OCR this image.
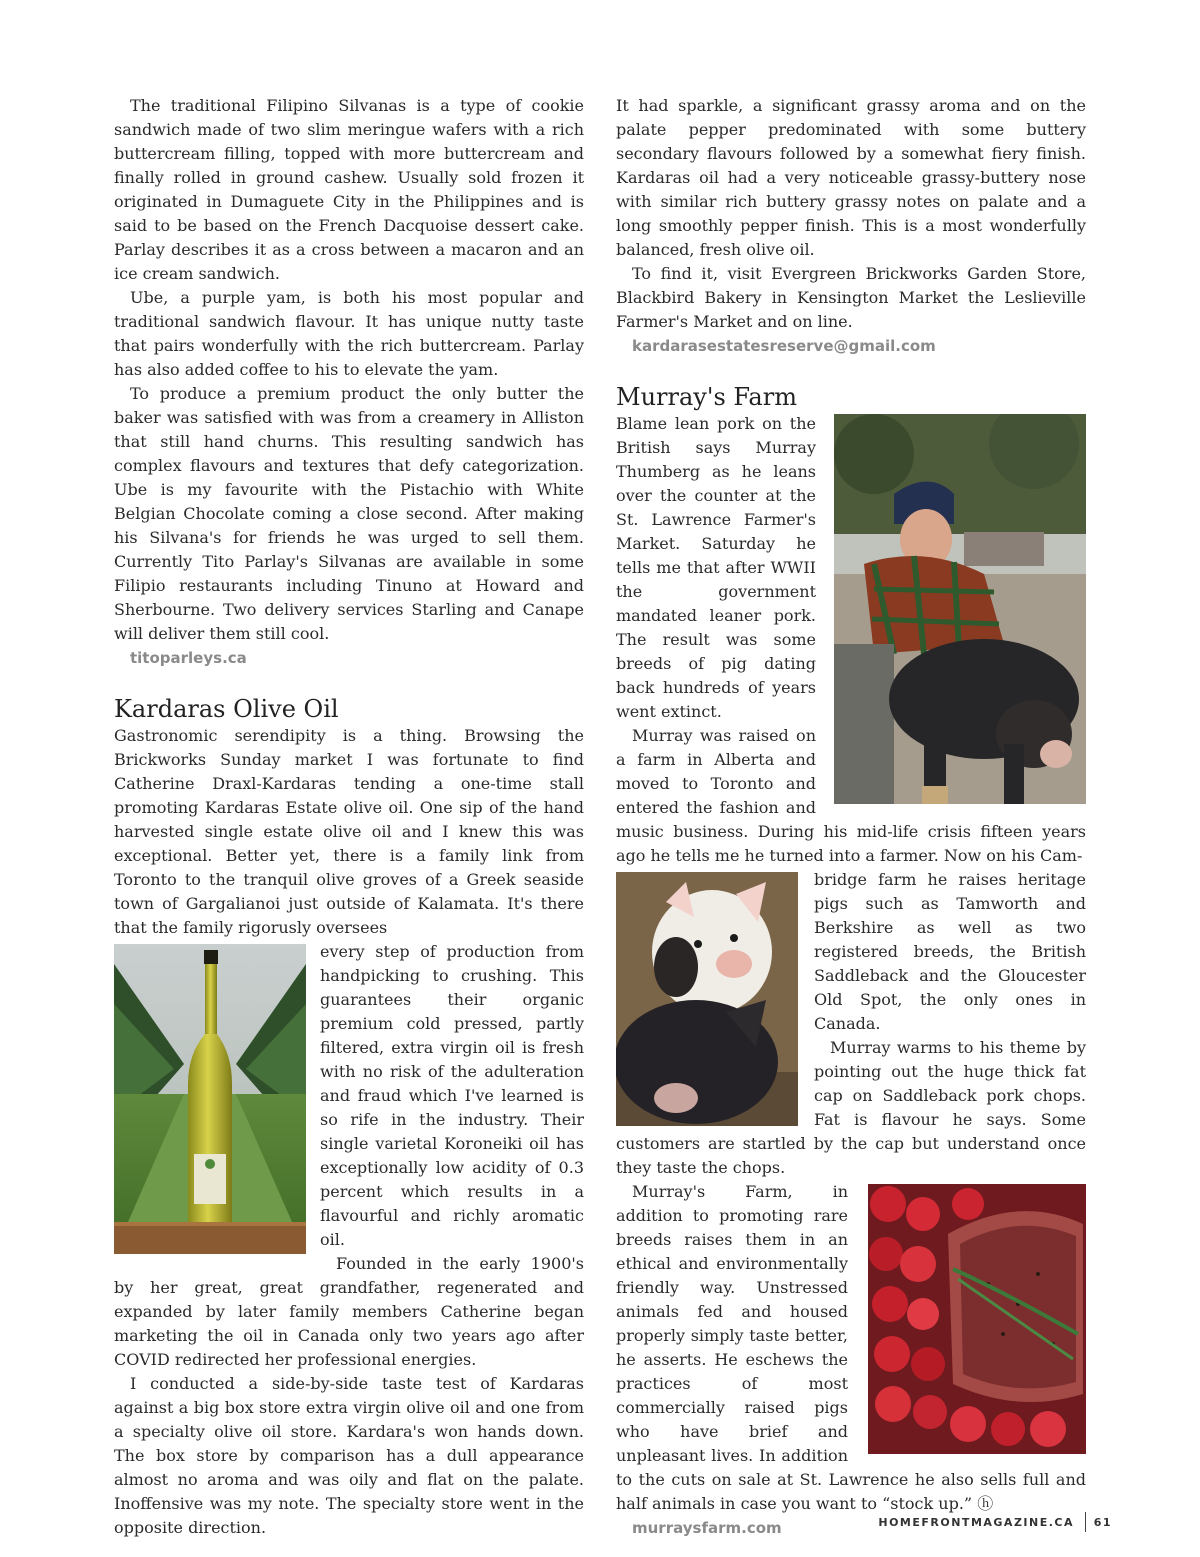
The traditional Filipino Silvanas is a type of cookie sandwich made of two slim meringue wafers with a rich buttercream filling, topped with more buttercream and finally rolled in ground cashew. Usually sold frozen it originated in Dumaguete City in the Philippines and is said to be based on the French Dacquoise dessert cake. Parlay describes it as a cross between a macaron and an ice cream sandwich.

Ube, a purple yam, is both his most popular and traditional sandwich flavour. It has unique nutty taste that pairs wonderfully with the rich buttercream. Parlay has also added coffee to his to elevate the yam.

To produce a premium product the only butter the baker was satisfied with was from a creamery in Alliston that still hand churns. This resulting sandwich has complex flavours and textures that defy categorization. Ube is my favourite with the Pistachio with White Belgian Chocolate coming a close second. After making his Silvana's for friends he was urged to sell them. Currently Tito Parlay's Silvanas are available in some Filipio restaurants including Tinuno at Howard and Sherbourne. Two delivery services Starling and Canape will deliver them still cool.

titoparleys.ca

Kardaras Olive Oil

Gastronomic serendipity is a thing. Browsing the Brickworks Sunday market I was fortunate to find Catherine Draxl-Kardaras tending a one-time stall promoting Kardaras Estate olive oil. One sip of the hand harvested single estate olive oil and I knew this was exceptional. Better yet, there is a family link from Toronto to the tranquil olive groves of a Greek seaside town of Gargalianoi just outside of Kalamata. It's there that the family rigorusly oversees

every step of production from handpicking to crushing. This guarantees their organic premium cold pressed, partly filtered, extra virgin oil is fresh with no risk of the adulteration and fraud which I've learned is so rife in the industry. Their single varietal Koroneiki oil has exceptionally low acidity of 0.3 percent which results in a flavourful and richly aromatic oil.

Founded in the early 1900's by her great, great grandfather, regenerated and expanded by later family members Catherine began marketing the oil in Canada only two years ago after COVID redirected her professional energies.

I conducted a side-by-side taste test of Kardaras against a big box store extra virgin olive oil and one from a specialty olive oil store. Kardara's won hands down. The box store by comparison has a dull appearance almost no aroma and was oily and flat on the palate. Inoffensive was my note. The specialty store went in the opposite direction.

It had sparkle, a significant grassy aroma and on the palate pepper predominated with some buttery secondary flavours followed by a somewhat fiery finish. Kardaras oil had a very noticeable grassy-buttery nose with similar rich buttery grassy notes on palate and a long smoothly pepper finish. This is a most wonderfully balanced, fresh olive oil.

To find it, visit Evergreen Brickworks Garden Store, Blackbird Bakery in Kensington Market the Leslieville Farmer's Market and on line.

kardarasestatesreserve@gmail.com

Murray's Farm

Blame lean pork on the British says Murray Thumberg as he leans over the counter at the St. Lawrence Farmer's Market. Saturday he tells me that after WWII the government mandated leaner pork. The result was some breeds of pig dating back hundreds of years went extinct.

Murray was raised on a farm in Alberta and moved to Toronto and entered the fashion and music business. During his mid-life crisis fifteen years ago he tells me he turned into a farmer. Now on his Cam-

bridge farm he raises heritage pigs such as Tamworth and Berkshire as well as two registered breeds, the British Saddleback and the Gloucester Old Spot, the only ones in Canada.

Murray warms to his theme by pointing out the huge thick fat cap on Saddleback pork chops. Fat is flavour he says. Some customers are startled by the cap but understand once they taste the chops.

Murray's Farm, in addition to promoting rare breeds raises them in an ethical and environmentally friendly way. Unstressed animals fed and housed properly simply taste better, he asserts. He eschews the practices of most commercially raised pigs who have brief and unpleasant lives. In addition to the cuts on sale at St. Lawrence he also sells full and half animals in case you want to “stock up.” ⓗ

murraysfarm.com	HOMEFRONTMAGAZINE.CA 61
